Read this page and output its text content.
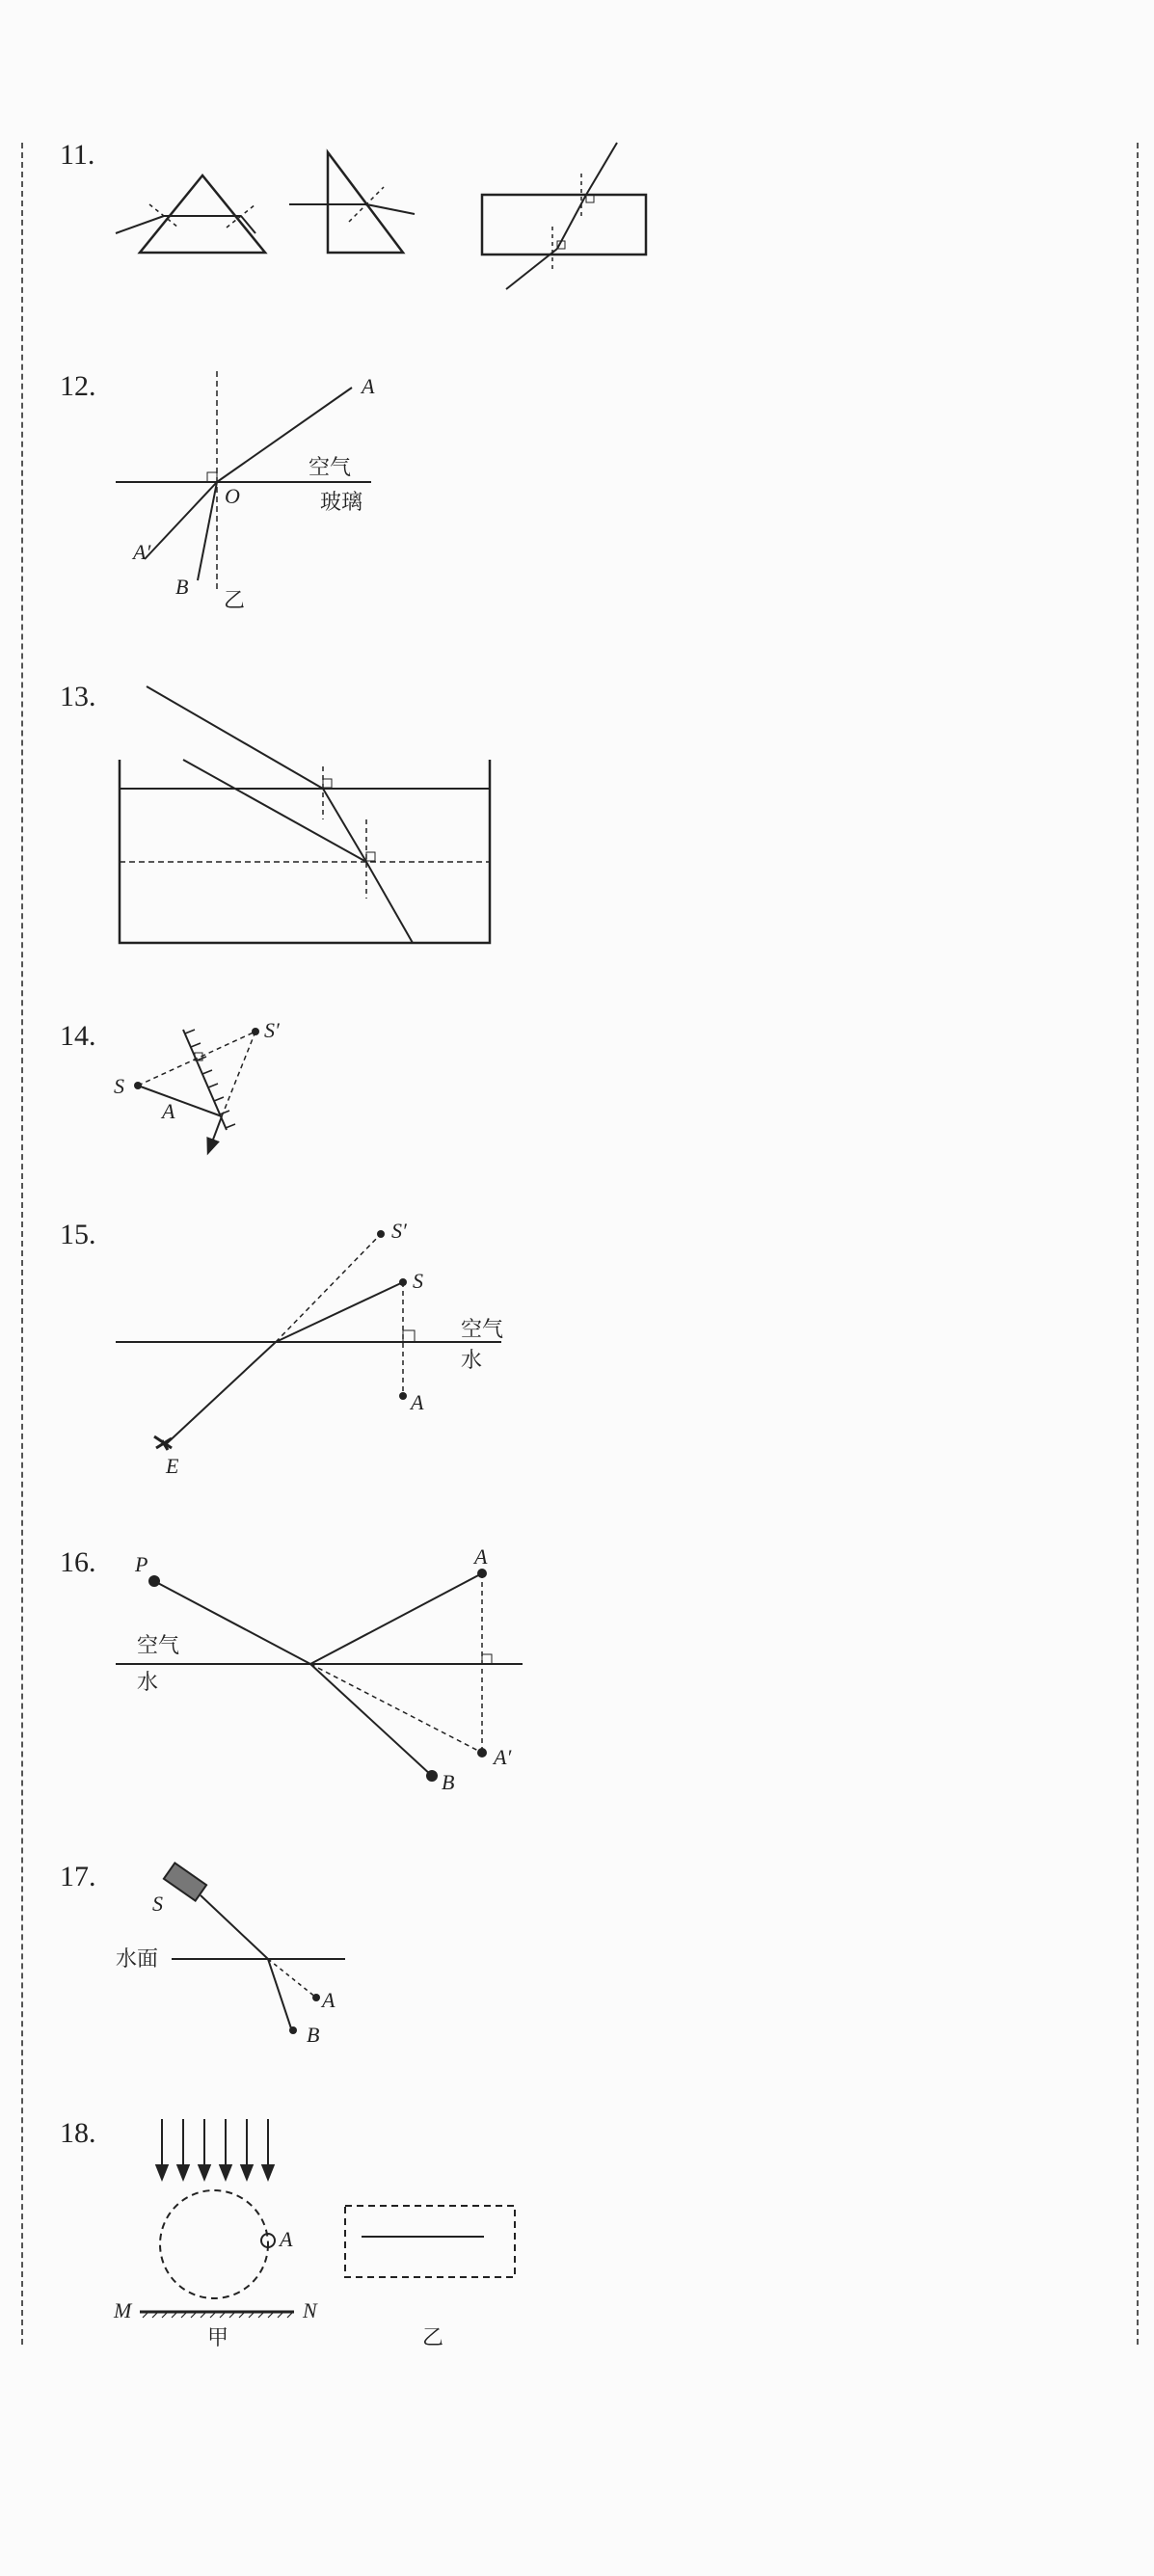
11.
12.	A
O
空气
玻璃
A′
B
乙
13.
14.
S
S′
A
15.	S′
S
空气
水
A
E
16. P	A
空气
水
A′
B
17.
S
水面
A
B
18.
A
M	N
甲	乙
